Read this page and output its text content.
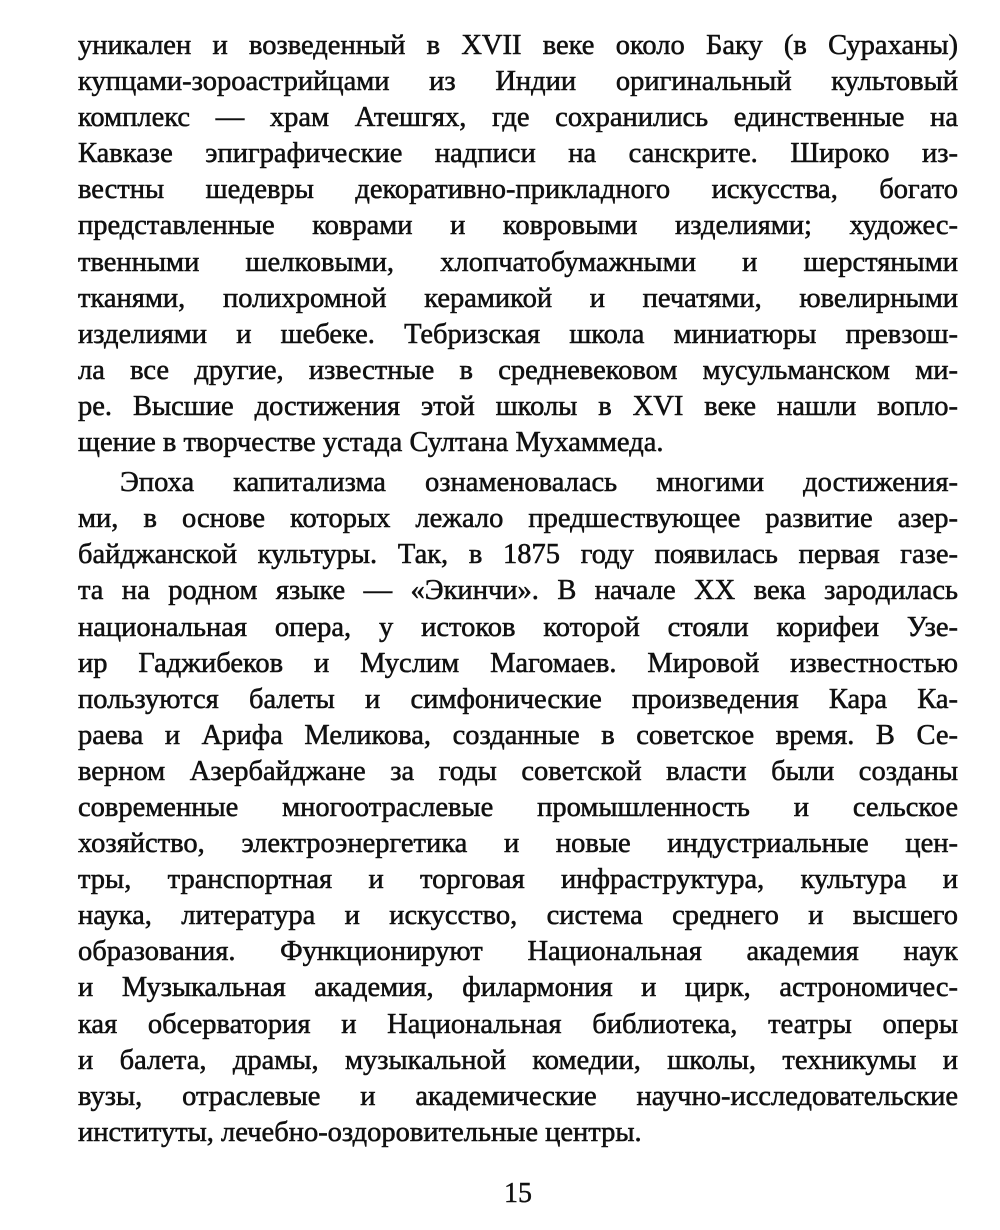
уникален и возведенный в XVII веке около Баку (в Сураханы)
купцами-зороастрийцами из Индии оригинальный культовый
комплекс — храм Атешгях, где сохранились единственные на
Кавказе эпиграфические надписи на санскрите. Широко из-
вестны шедевры декоративно-прикладного искусства, богато
представленные коврами и ковровыми изделиями; художес-
твенными шелковыми, хлопчатобумажными и шерстяными
тканями, полихромной керамикой и печатями, ювелирными
изделиями и шебеке. Тебризская школа миниатюры превзош-
ла все другие, известные в средневековом мусульманском ми-
ре. Высшие достижения этой школы в XVI веке нашли вопло-
щение в творчестве устада Султана Мухаммеда.
Эпоха капитализма ознаменовалась многими достижения-
ми, в основе которых лежало предшествующее развитие азер-
байджанской культуры. Так, в 1875 году появилась первая газе-
та на родном языке — «Экинчи». В начале XX века зародилась
национальная опера, у истоков которой стояли корифеи Узе-
ир Гаджибеков и Муслим Магомаев. Мировой известностью
пользуются балеты и симфонические произведения Кара Ка-
раева и Арифа Меликова, созданные в советское время. В Се-
верном Азербайджане за годы советской власти были созданы
современные многоотраслевые промышленность и сельское
хозяйство, электроэнергетика и новые индустриальные цен-
тры, транспортная и торговая инфраструктура, культура и
наука, литература и искусство, система среднего и высшего
образования. Функционируют Национальная академия наук
и Музыкальная академия, филармония и цирк, астрономичес-
кая обсерватория и Национальная библиотека, театры оперы
и балета, драмы, музыкальной комедии, школы, техникумы и
вузы, отраслевые и академические научно-исследовательские
институты, лечебно-оздоровительные центры.
15
